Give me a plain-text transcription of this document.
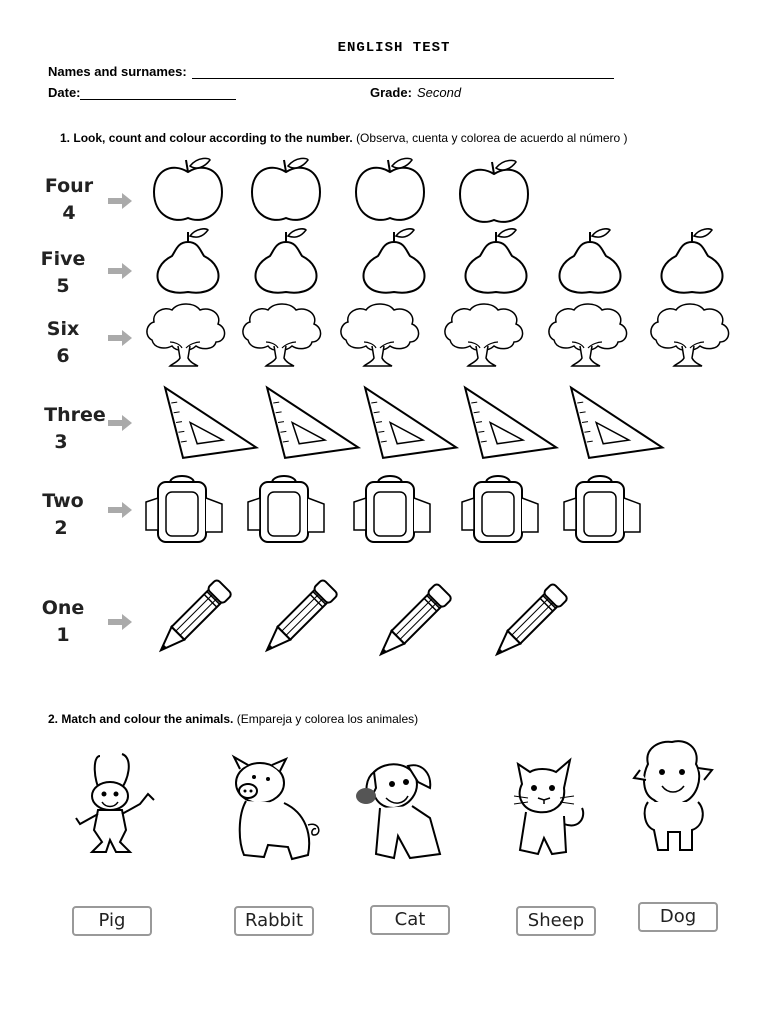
ENGLISH TEST
Names and surnames:
Date:	Grade: Second
1. Look, count and colour according to the number. (Observa, cuenta y colorea de acuerdo al número )
Four
4
Five
5
Six
6
Three
3
Two
2
One
1
2. Match and colour the animals. (Empareja y colorea los animales)
Pig	Rabbit	Cat	Sheep	Dog
